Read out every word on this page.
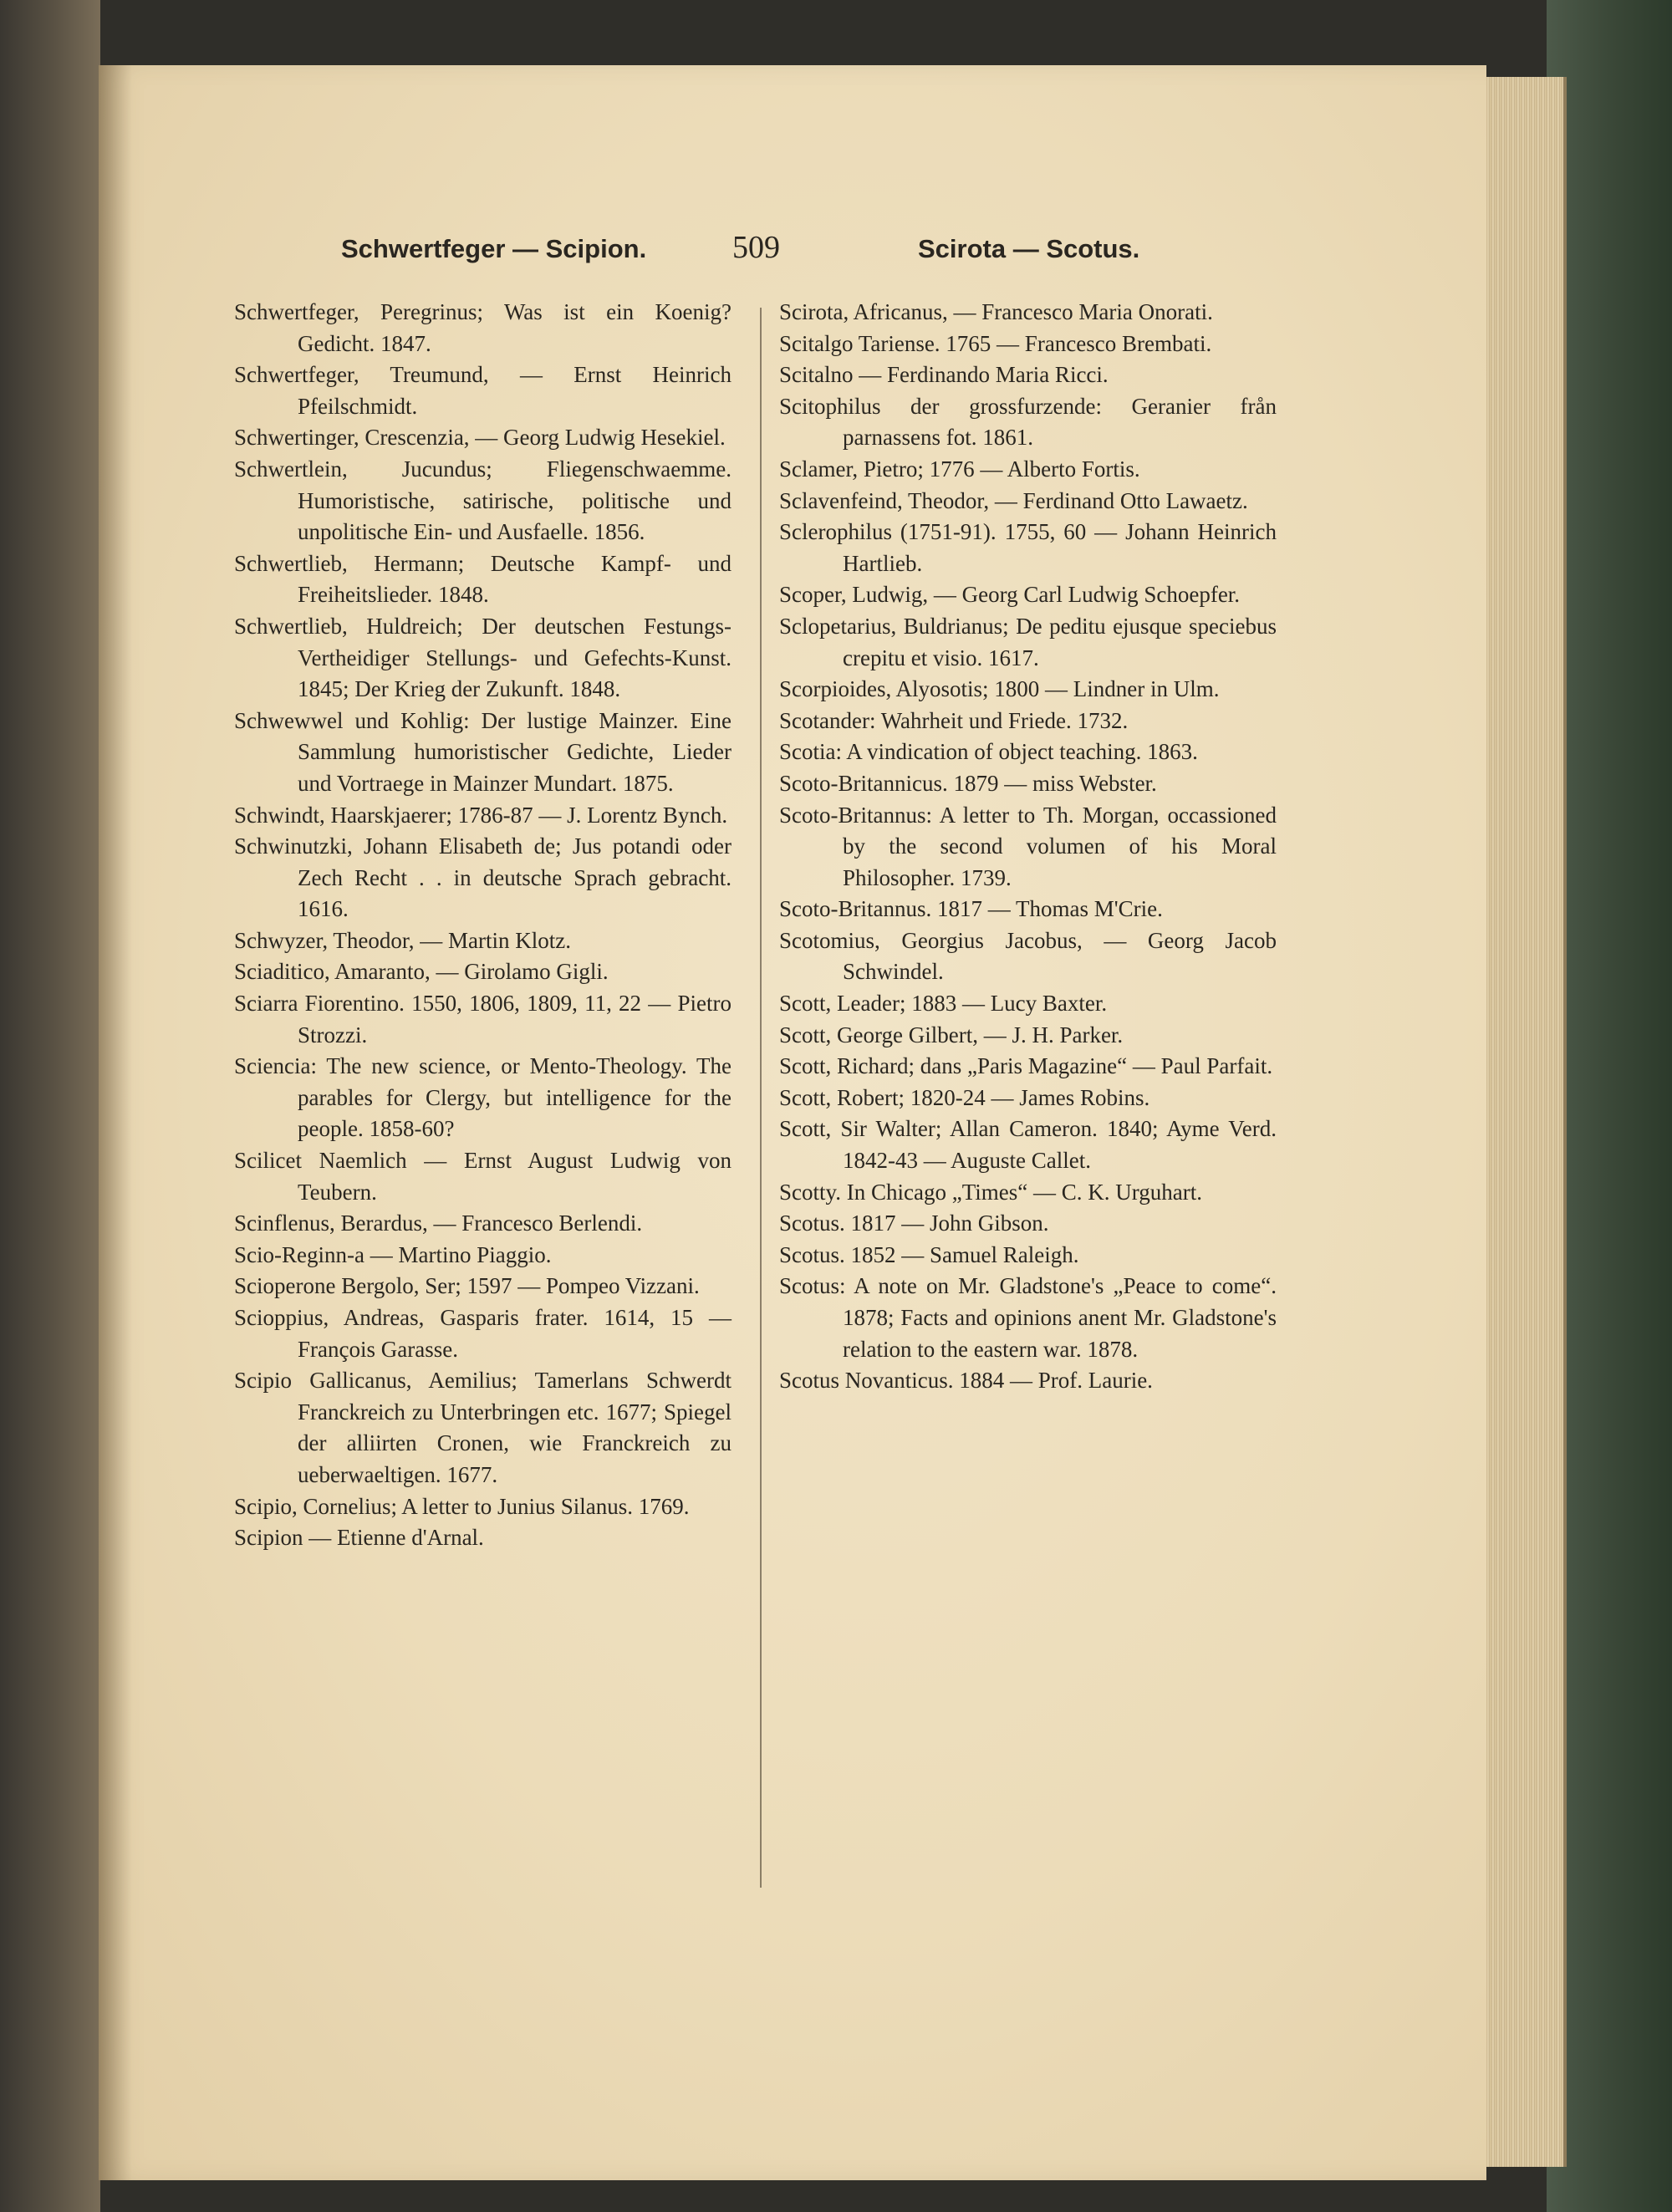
Schwertfeger — Scipion.	509	Scirota — Scotus.

Schwertfeger, Peregrinus; Was ist ein Koenig? Gedicht. 1847.

Schwertfeger, Treumund, — Ernst Heinrich Pfeilschmidt.

Schwertinger, Crescenzia, — Georg Ludwig Hesekiel.

Schwertlein, Jucundus; Fliegenschwaemme. Humoristische, satirische, politische und unpolitische Ein- und Ausfaelle. 1856.

Schwertlieb, Hermann; Deutsche Kampf- und Freiheitslieder. 1848.

Schwertlieb, Huldreich; Der deutschen Festungs-Vertheidiger Stellungs- und Gefechts-Kunst. 1845; Der Krieg der Zukunft. 1848.

Schwewwel und Kohlig: Der lustige Mainzer. Eine Sammlung humoristischer Gedichte, Lieder und Vortraege in Mainzer Mundart. 1875.

Schwindt, Haarskjaerer; 1786-87 — J. Lorentz Bynch.

Schwinutzki, Johann Elisabeth de; Jus potandi oder Zech Recht . . in deutsche Sprach gebracht. 1616.

Schwyzer, Theodor, — Martin Klotz.

Sciaditico, Amaranto, — Girolamo Gigli.

Sciarra Fiorentino. 1550, 1806, 1809, 11, 22 — Pietro Strozzi.

Sciencia: The new science, or Mento-Theology. The parables for Clergy, but intelligence for the people. 1858-60?

Scilicet Naemlich — Ernst August Ludwig von Teubern.

Scinflenus, Berardus, — Francesco Berlendi.

Scio-Reginn-a — Martino Piaggio.

Scioperone Bergolo, Ser; 1597 — Pompeo Vizzani.

Scioppius, Andreas, Gasparis frater. 1614, 15 — François Garasse.

Scipio Gallicanus, Aemilius; Tamerlans Schwerdt Franckreich zu Unterbringen etc. 1677; Spiegel der alliirten Cronen, wie Franckreich zu ueberwaeltigen. 1677.

Scipio, Cornelius; A letter to Junius Silanus. 1769.

Scipion — Etienne d'Arnal.

Scirota, Africanus, — Francesco Maria Onorati.

Scitalgo Tariense. 1765 — Francesco Brembati.

Scitalno — Ferdinando Maria Ricci.

Scitophilus der grossfurzende: Geranier från parnassens fot. 1861.

Sclamer, Pietro; 1776 — Alberto Fortis.

Sclavenfeind, Theodor, — Ferdinand Otto Lawaetz.

Sclerophilus (1751-91). 1755, 60 — Johann Heinrich Hartlieb.

Scoper, Ludwig, — Georg Carl Ludwig Schoepfer.

Sclopetarius, Buldrianus; De peditu ejusque speciebus crepitu et visio. 1617.

Scorpioides, Alyosotis; 1800 — Lindner in Ulm.

Scotander: Wahrheit und Friede. 1732.

Scotia: A vindication of object teaching. 1863.

Scoto-Britannicus. 1879 — miss Webster.

Scoto-Britannus: A letter to Th. Morgan, occassioned by the second volumen of his Moral Philosopher. 1739.

Scoto-Britannus. 1817 — Thomas M'Crie.

Scotomius, Georgius Jacobus, — Georg Jacob Schwindel.

Scott, Leader; 1883 — Lucy Baxter.

Scott, George Gilbert, — J. H. Parker.

Scott, Richard; dans „Paris Magazine“ — Paul Parfait.

Scott, Robert; 1820-24 — James Robins.

Scott, Sir Walter; Allan Cameron. 1840; Ayme Verd. 1842-43 — Auguste Callet.

Scotty. In Chicago „Times“ — C. K. Urguhart.

Scotus. 1817 — John Gibson.

Scotus. 1852 — Samuel Raleigh.

Scotus: A note on Mr. Gladstone's „Peace to come“. 1878; Facts and opinions anent Mr. Gladstone's relation to the eastern war. 1878.

Scotus Novanticus. 1884 — Prof. Laurie.
